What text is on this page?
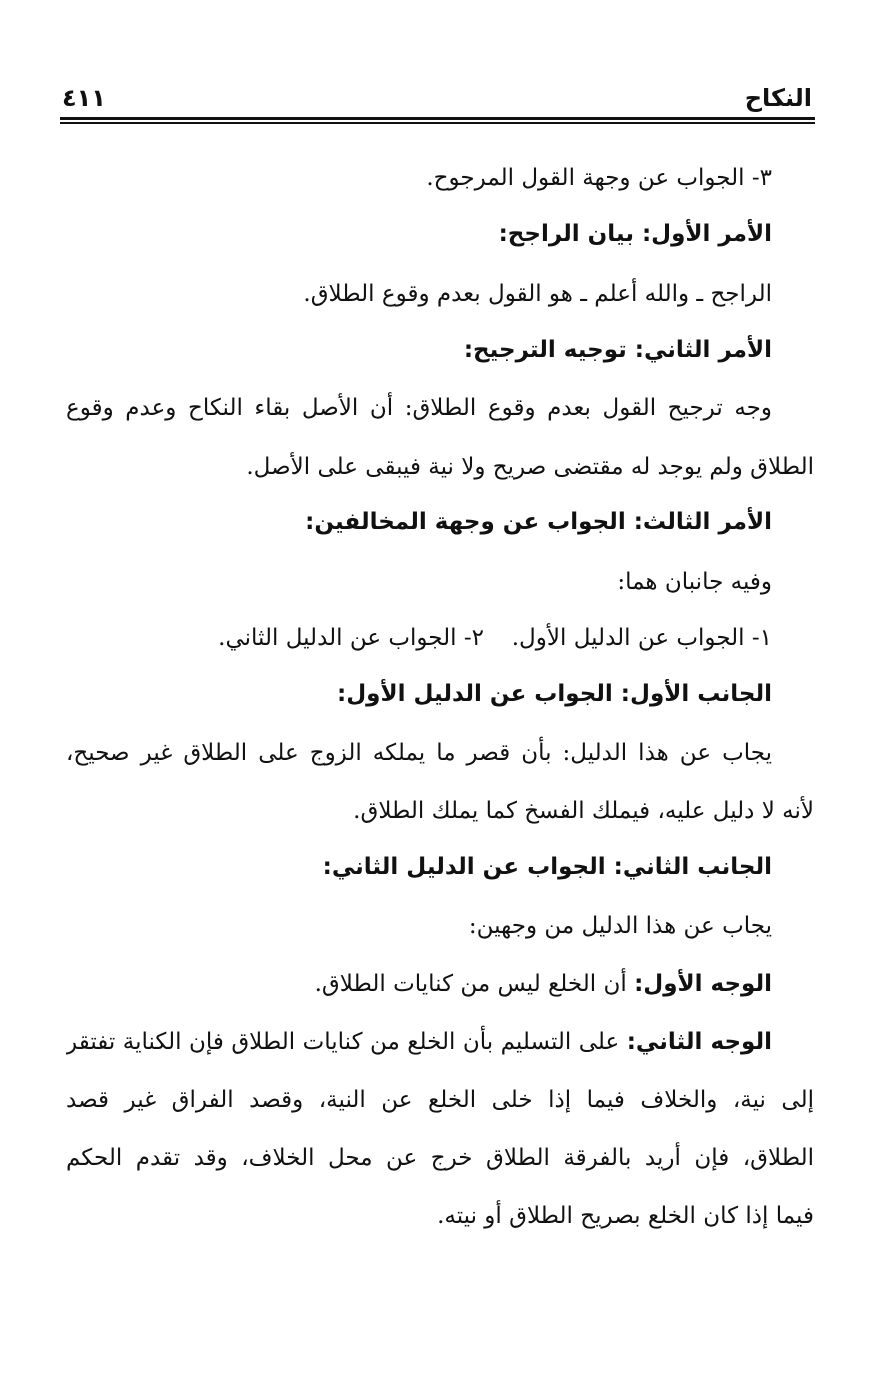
النكاح
٤١١
٣- الجواب عن وجهة القول المرجوح.
الأمر الأول: بيان الراجح:
الراجح ـ والله أعلم ـ هو القول بعدم وقوع الطلاق.
الأمر الثاني: توجيه الترجيح:
وجه ترجيح القول بعدم وقوع الطلاق: أن الأصل بقاء النكاح وعدم وقوع
الطلاق ولم يوجد له مقتضى صريح ولا نية فيبقى على الأصل.
الأمر الثالث: الجواب عن وجهة المخالفين:
وفيه جانبان هما:
١- الجواب عن الدليل الأول.
٢- الجواب عن الدليل الثاني.
الجانب الأول: الجواب عن الدليل الأول:
يجاب عن هذا الدليل: بأن قصر ما يملكه الزوج على الطلاق غير صحيح،
لأنه لا دليل عليه، فيملك الفسخ كما يملك الطلاق.
الجانب الثاني: الجواب عن الدليل الثاني:
يجاب عن هذا الدليل من وجهين:
الوجه الأول: أن الخلع ليس من كنايات الطلاق.
الوجه الثاني: على التسليم بأن الخلع من كنايات الطلاق فإن الكناية تفتقر
إلى نية، والخلاف فيما إذا خلى الخلع عن النية، وقصد الفراق غير قصد
الطلاق، فإن أريد بالفرقة الطلاق خرج عن محل الخلاف، وقد تقدم الحكم
فيما إذا كان الخلع بصريح الطلاق أو نيته.
